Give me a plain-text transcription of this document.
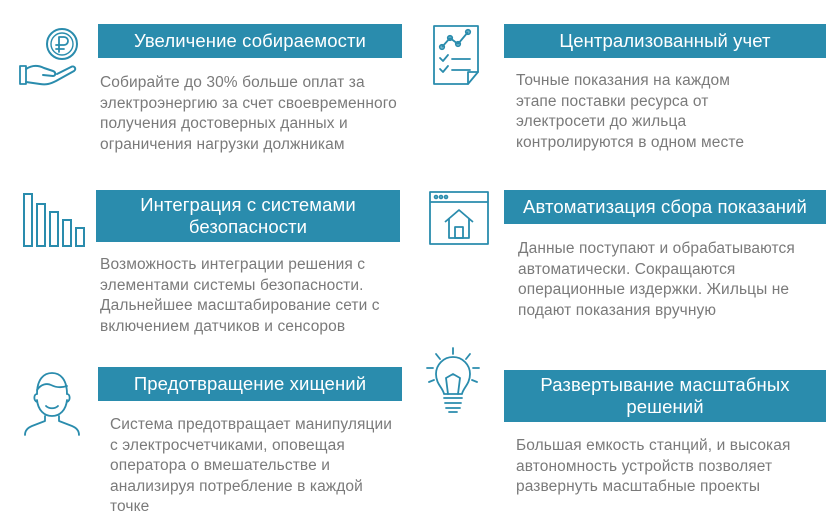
Увеличение собираемости	Централизованный учет
Интеграция с системами безопасности
Автоматизация сбора показаний
Предотвращение хищений	Развертывание масштабных решений

Собирайте до 30% больше оплат за электроэнергию за счет своевременного получения достоверных данных и ограничения нагрузки должникам

Точные показания на каждом этапе поставки ресурса от электросети до жильца контролируются в одном месте

Возможность интеграции решения с элементами системы безопасности. Дальнейшее масштабирование сети с включением датчиков и сенсоров

Данные поступают и обрабатываются автоматически. Сокращаются операционные издержки. Жильцы не подают показания вручную

Система предотвращает манипуляции с электросчетчиками, оповещая оператора о вмешательстве и анализируя потребление в каждой точке

Большая емкость станций, и высокая автономность устройств позволяет развернуть масштабные проекты
